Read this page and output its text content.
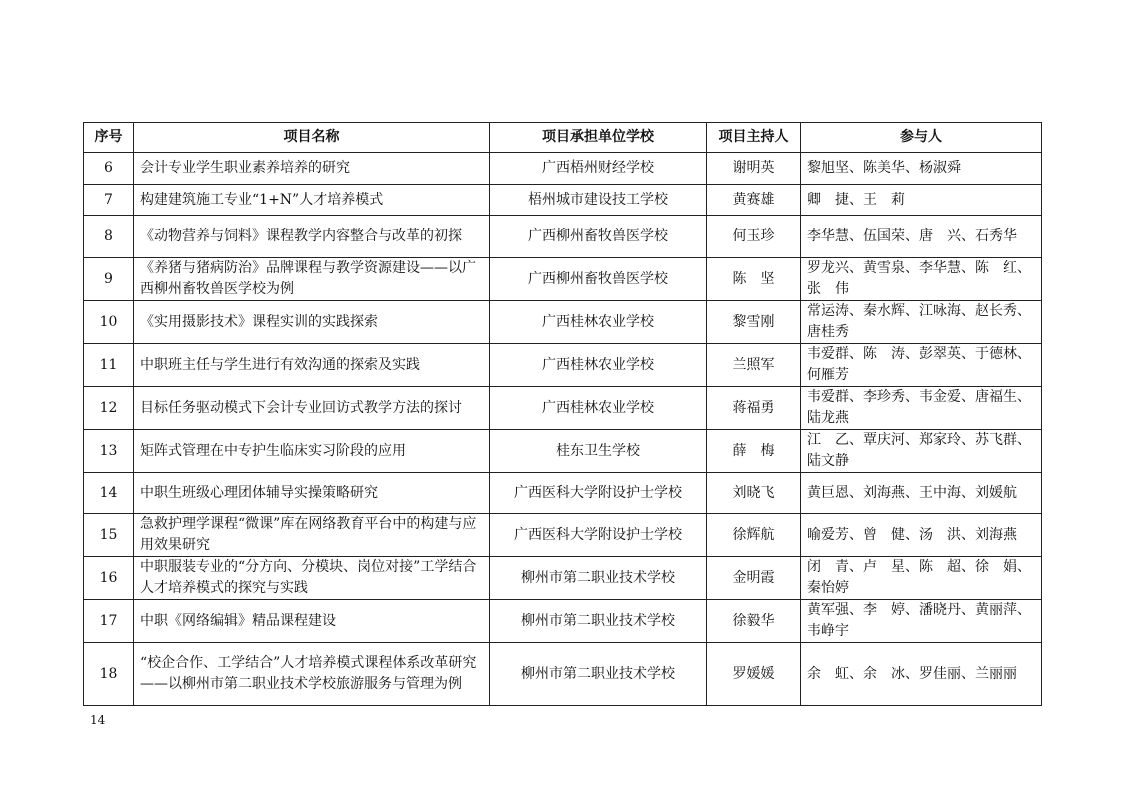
序号	项目名称	项目承担单位学校	项目主持人	参与人
6	会计专业学生职业素养培养的研究	广西梧州财经学校	谢明英	黎旭坚、陈美华、杨淑舜
7	构建建筑施工专业“1+N”人才培养模式	梧州城市建设技工学校	黄赛雄	卿　捷、王　莉
8	《动物营养与饲料》课程教学内容整合与改革的初探	广西柳州畜牧兽医学校	何玉珍	李华慧、伍国荣、唐　兴、石秀华
9	《养猪与猪病防治》品牌课程与教学资源建设——以广西柳州畜牧兽医学校为例	广西柳州畜牧兽医学校	陈　坚	罗龙兴、黄雪泉、李华慧、陈　红、张　伟
10	《实用摄影技术》课程实训的实践探索	广西桂林农业学校	黎雪刚	常运涛、秦水辉、江咏海、赵长秀、唐桂秀
11	中职班主任与学生进行有效沟通的探索及实践	广西桂林农业学校	兰照军	韦爱群、陈　涛、彭翠英、于德林、何雁芳
12	目标任务驱动模式下会计专业回访式教学方法的探讨	广西桂林农业学校	蒋福勇	韦爱群、李珍秀、韦金爱、唐福生、陆龙燕
13	矩阵式管理在中专护生临床实习阶段的应用	桂东卫生学校	薛　梅	江　乙、覃庆河、郑家玲、苏飞群、陆文静
14	中职生班级心理团体辅导实操策略研究	广西医科大学附设护士学校	刘晓飞	黄巨恩、刘海燕、王中海、刘媛航
15	急救护理学课程“微课”库在网络教育平台中的构建与应用效果研究	广西医科大学附设护士学校	徐辉航	喻爱芳、曾　健、汤　洪、刘海燕
16	中职服装专业的“分方向、分模块、岗位对接”工学结合人才培养模式的探究与实践	柳州市第二职业技术学校	金明霞	闭　青、卢　星、陈　超、徐　娟、秦怡婷
17	中职《网络编辑》精品课程建设	柳州市第二职业技术学校	徐毅华	黄军强、李　婷、潘晓丹、黄丽萍、韦峥宇
18	“校企合作、工学结合”人才培养模式课程体系改革研究——以柳州市第二职业技术学校旅游服务与管理为例	柳州市第二职业技术学校	罗媛媛	余　虹、余　冰、罗佳丽、兰丽丽
14
